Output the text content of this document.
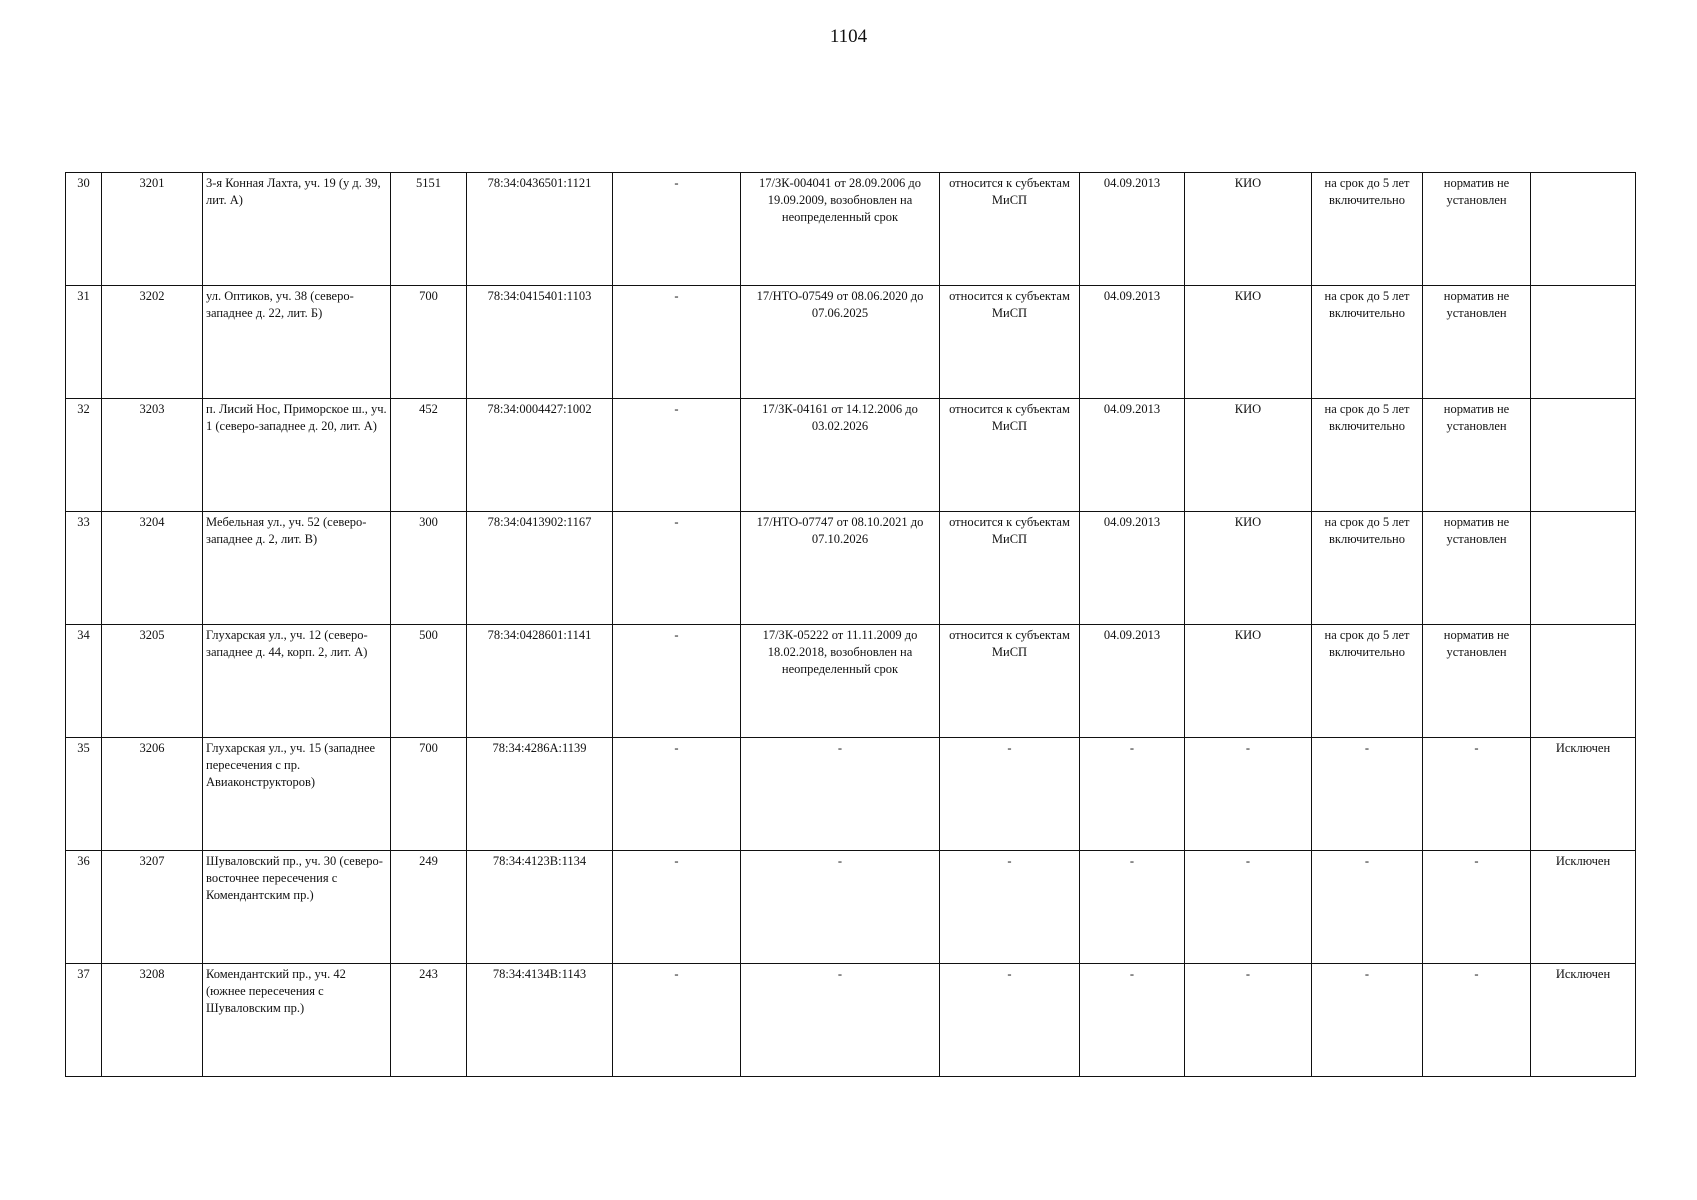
1104
30	3201	3-я Конная Лахта, уч. 19 (у д. 39, лит. А)	5151	78:34:0436501:1121	-	17/ЗК-004041 от 28.09.2006 до 19.09.2009, возобновлен на неопределенный срок	относится к субъектам МиСП	04.09.2013	КИО	на срок до 5 лет включительно	норматив не установлен	
31	3202	ул. Оптиков, уч. 38 (северо-западнее д. 22, лит. Б)	700	78:34:0415401:1103	-	17/НТО-07549 от 08.06.2020 до 07.06.2025	относится к субъектам МиСП	04.09.2013	КИО	на срок до 5 лет включительно	норматив не установлен	
32	3203	п. Лисий Нос, Приморское ш., уч. 1 (северо-западнее д. 20, лит. А)	452	78:34:0004427:1002	-	17/ЗК-04161 от 14.12.2006 до 03.02.2026	относится к субъектам МиСП	04.09.2013	КИО	на срок до 5 лет включительно	норматив не установлен	
33	3204	Мебельная ул., уч. 52 (северо-западнее д. 2, лит. В)	300	78:34:0413902:1167	-	17/НТО-07747 от 08.10.2021 до 07.10.2026	относится к субъектам МиСП	04.09.2013	КИО	на срок до 5 лет включительно	норматив не установлен	
34	3205	Глухарская ул., уч. 12 (северо-западнее д. 44, корп. 2, лит. А)	500	78:34:0428601:1141	-	17/ЗК-05222 от 11.11.2009 до 18.02.2018, возобновлен на неопределенный срок	относится к субъектам МиСП	04.09.2013	КИО	на срок до 5 лет включительно	норматив не установлен	
35	3206	Глухарская ул., уч. 15 (западнее пересечения с пр. Авиаконструкторов)	700	78:34:4286А:1139	-	-	-	-	-	-	-	Исключен
36	3207	Шуваловский пр., уч. 30 (северо-восточнее пересечения с Комендантским пр.)	249	78:34:4123В:1134	-	-	-	-	-	-	-	Исключен
37	3208	Комендантский пр., уч. 42 (южнее пересечения с Шуваловским пр.)	243	78:34:4134В:1143	-	-	-	-	-	-	-	Исключен
